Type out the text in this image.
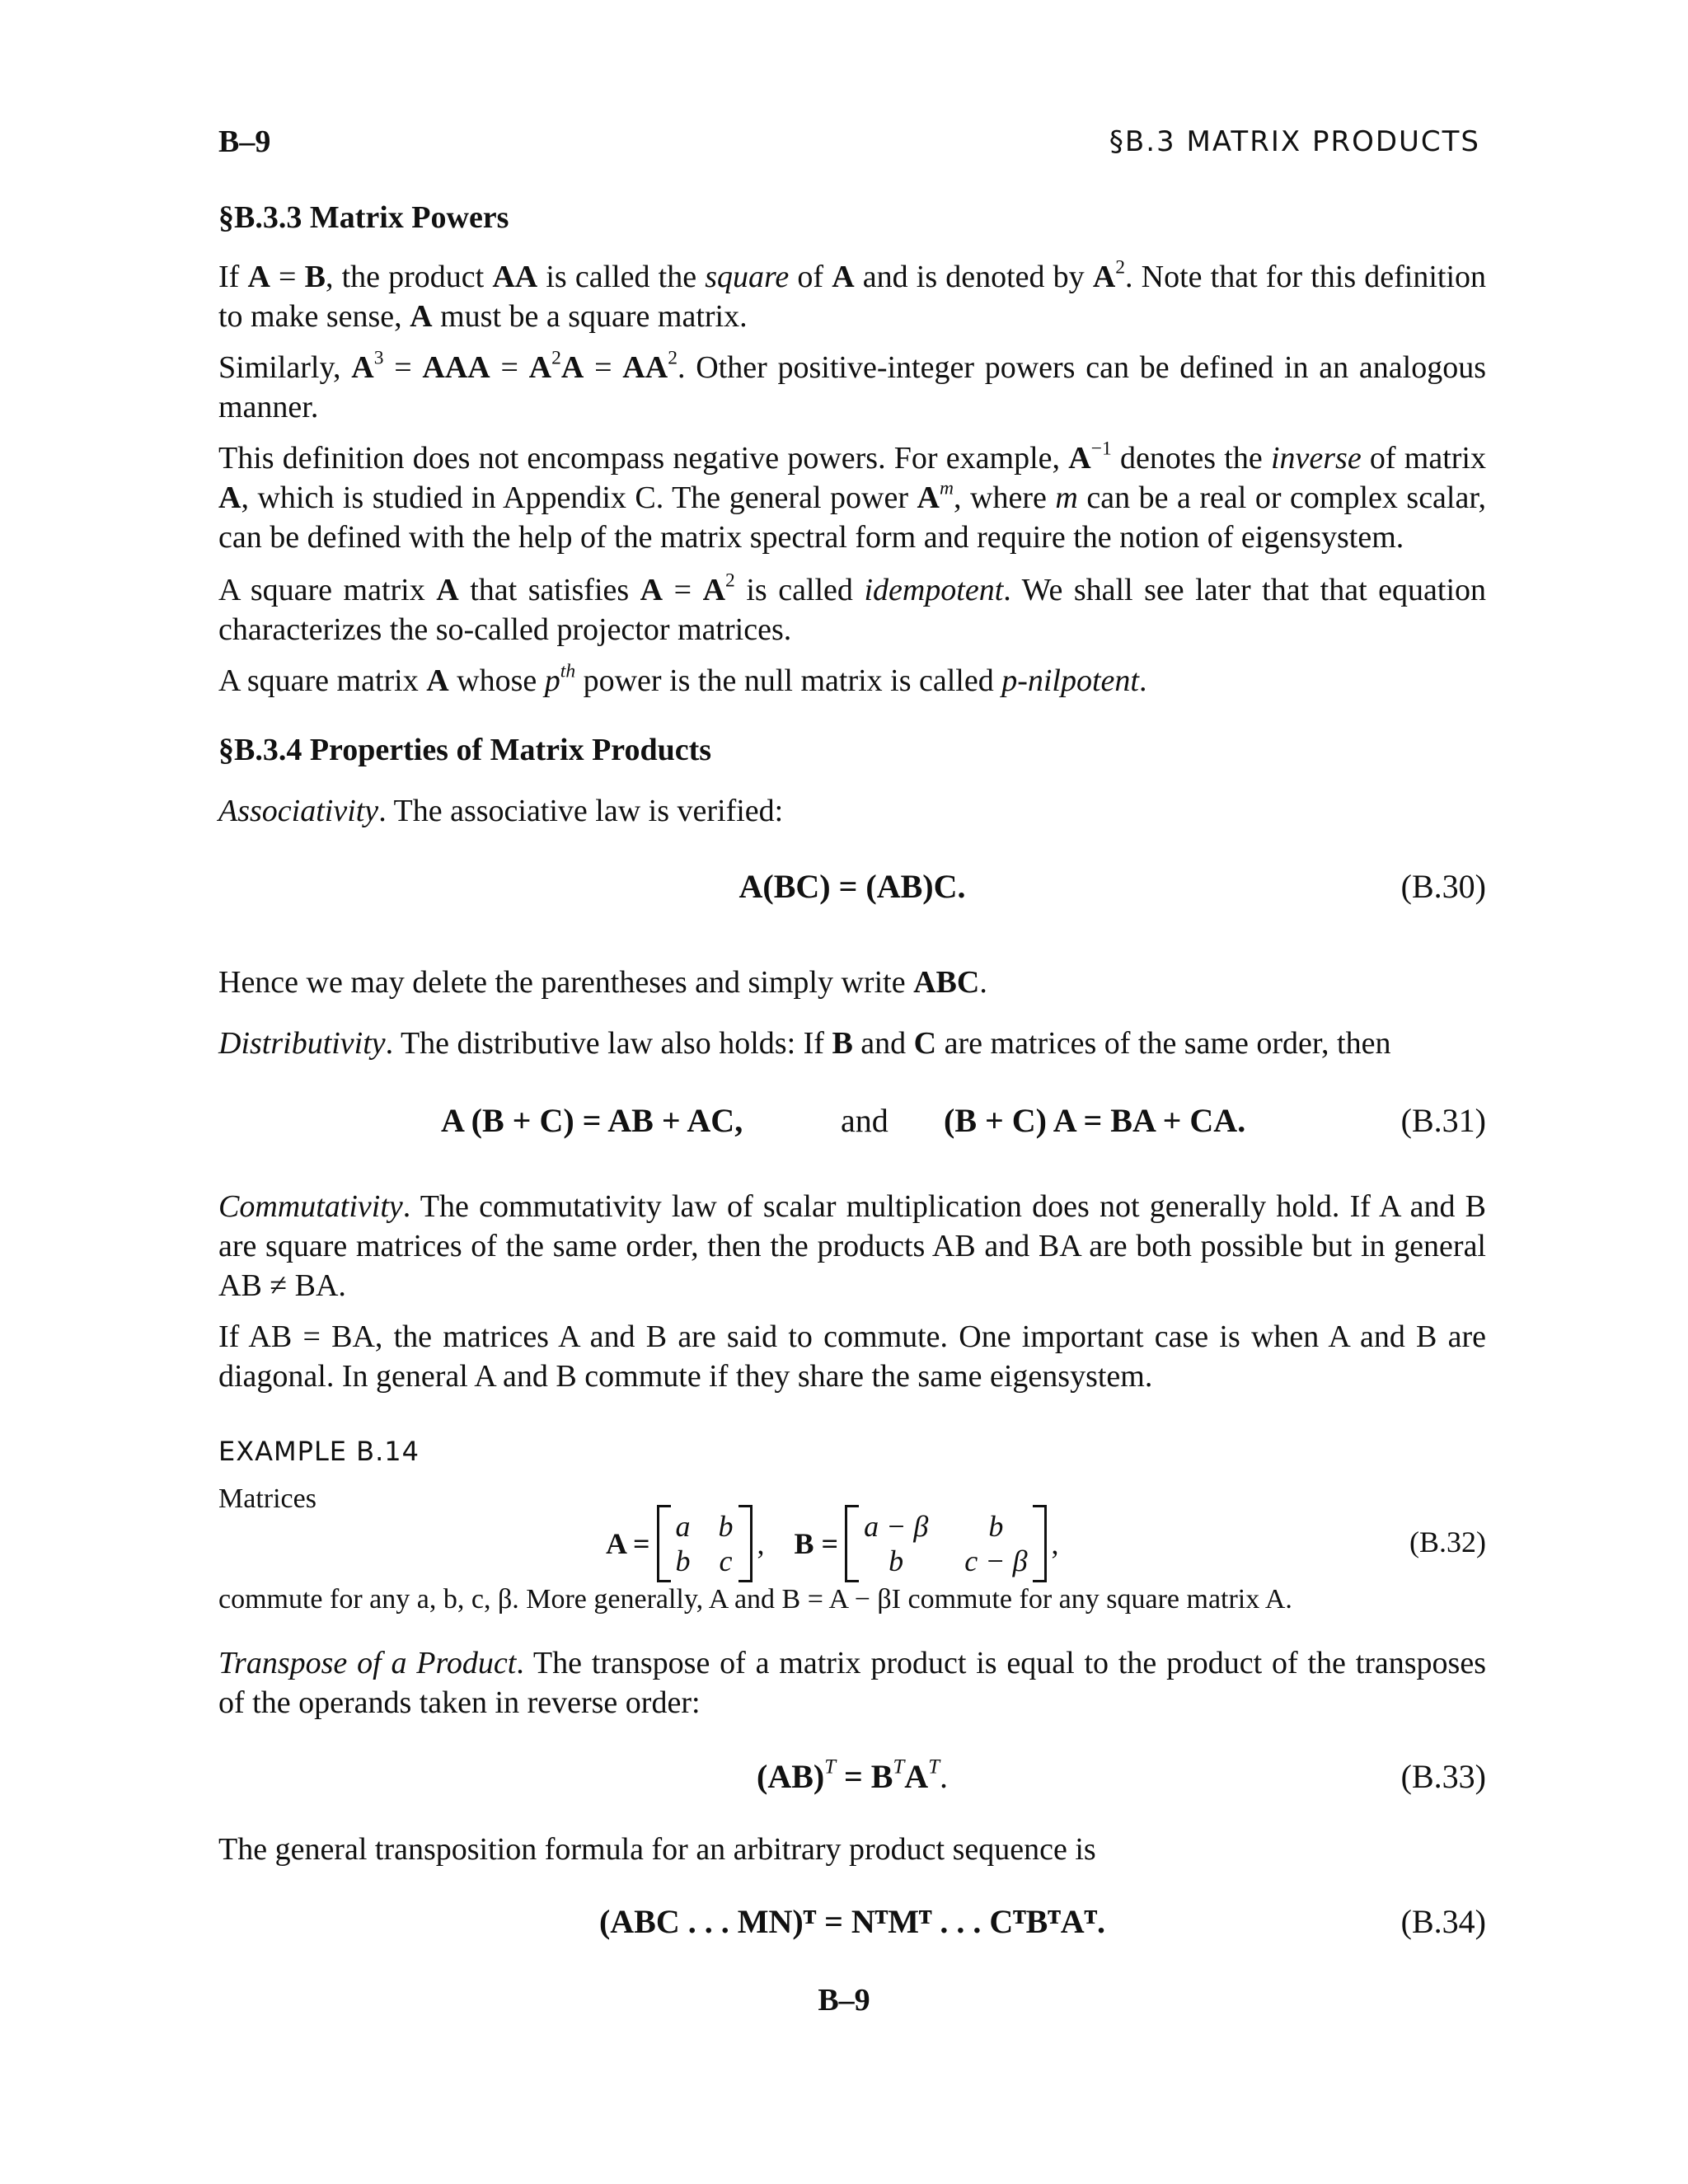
B–9	§B.3 MATRIX PRODUCTS
§B.3.3 Matrix Powers

If A = B, the product AA is called the square of A and is denoted by $A^2$. Note that for this definition to make sense, A must be a square matrix.

Similarly, $A^3$ = AAA = $A^2A = AA^2$. Other positive-integer powers can be defined in an analogous manner.

This definition does not encompass negative powers. For example, $A^{-1}$ denotes the inverse of matrix A, which is studied in Appendix C. The general power $A^m$, where m can be a real or complex scalar, can be defined with the help of the matrix spectral form and require the notion of eigensystem.

A square matrix A that satisfies $A = A^2$ is called idempotent. We shall see later that that equation characterizes the so-called projector matrices.

A square matrix A whose $p^{th}$ power is the null matrix is called p-nilpotent.

§B.3.4 Properties of Matrix Products

Associativity. The associative law is verified:

A(BC) = (AB)C.	(B.30)

Hence we may delete the parentheses and simply write ABC.

Distributivity. The distributive law also holds: If B and C are matrices of the same order, then

A (B + C) = AB + AC,	and (B + C) A = BA + CA.	(B.31)

Commutativity. The commutativity law of scalar multiplication does not generally hold. If A and B are square matrices of the same order, then the products AB and BA are both possible but in general AB ≠ BA.

If AB = BA, the matrices A and B are said to commute. One important case is when A and B are diagonal. In general A and B commute if they share the same eigensystem.

EXAMPLE B.14
Matrices
A =
a b
b c
, B =
a − β	b
b	c − β
,	(B.32)
commute for any a, b, c, β. More generally, A and B = A − βI commute for any square matrix A.

Transpose of a Product. The transpose of a matrix product is equal to the product of the transposes of the operands taken in reverse order:

$(AB)^T = B^TA^T$.	(B.33)

The general transposition formula for an arbitrary product sequence is

(ABC . . . MN)ᵀ = NᵀMᵀ . . . CᵀBᵀAᵀ.	(B.34)
B–9
